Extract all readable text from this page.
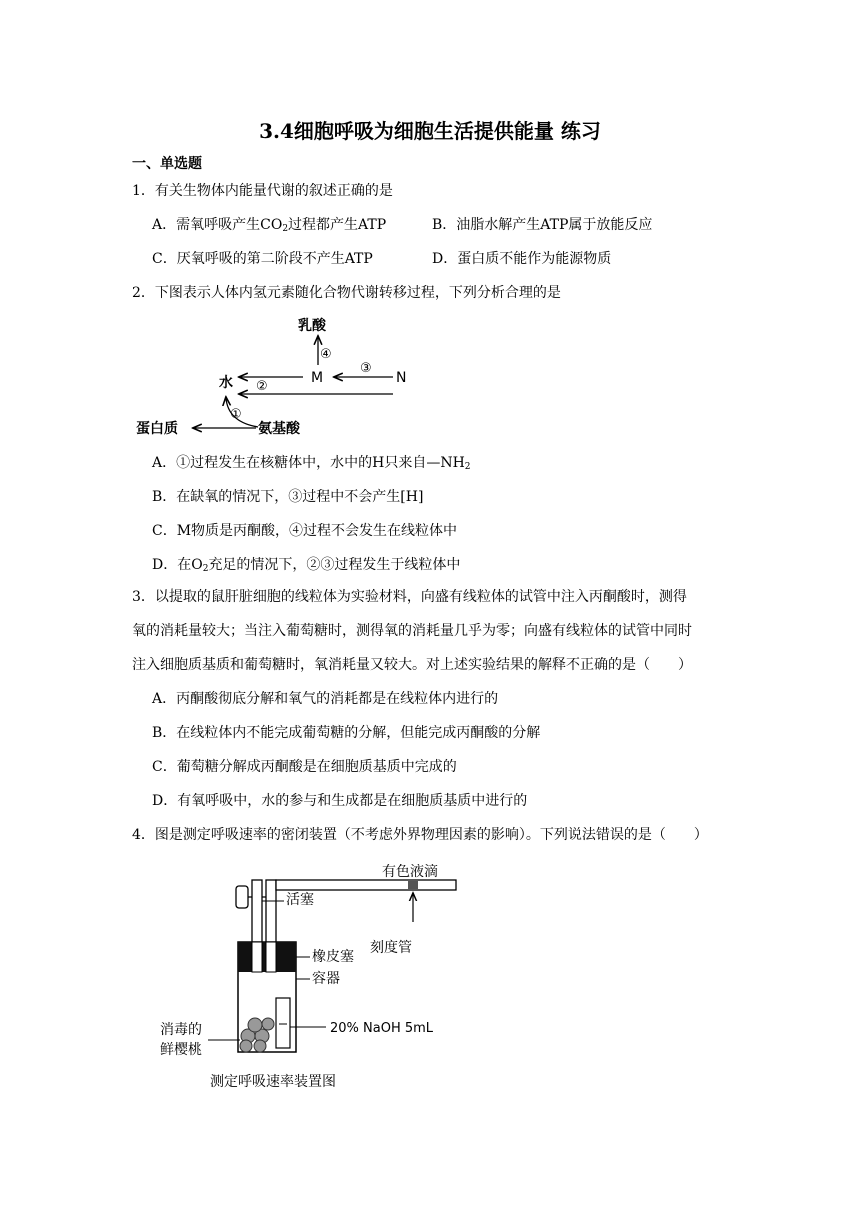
3.4细胞呼吸为细胞生活提供能量 练习
一、单选题
1．有关生物体内能量代谢的叙述正确的是
A．需氧呼吸产生$CO_2$过程都产生ATP	B．油脂水解产生ATP属于放能反应
C．厌氧呼吸的第二阶段不产生ATP	D．蛋白质不能作为能源物质
2．下图表示人体内氢元素随化合物代谢转移过程，下列分析合理的是
乳酸
④
M
③
N
②
水
①
氨基酸
蛋白质
A．①过程发生在核糖体中，水中的H只来自$—NH_2$
B．在缺氧的情况下，③过程中不会产生[H]
C．M物质是丙酮酸，④过程不会发生在线粒体中
D．在$O_2$充足的情况下，②③过程发生于线粒体中
3．以提取的鼠肝脏细胞的线粒体为实验材料，向盛有线粒体的试管中注入丙酮酸时，测得
氧的消耗量较大；当注入葡萄糖时，测得氧的消耗量几乎为零；向盛有线粒体的试管中同时
注入细胞质基质和葡萄糖时，氧消耗量又较大。对上述实验结果的解释不正确的是（　　）
A．丙酮酸彻底分解和氧气的消耗都是在线粒体内进行的
B．在线粒体内不能完成葡萄糖的分解，但能完成丙酮酸的分解
C．葡萄糖分解成丙酮酸是在细胞质基质中完成的
D．有氧呼吸中，水的参与和生成都是在细胞质基质中进行的
4．图是测定呼吸速率的密闭装置（不考虑外界物理因素的影响）。下列说法错误的是（　　）
活塞
有色液滴
刻度管
橡皮塞
容器
20% NaOH 5mL
消毒的
鲜樱桃
测定呼吸速率装置图
